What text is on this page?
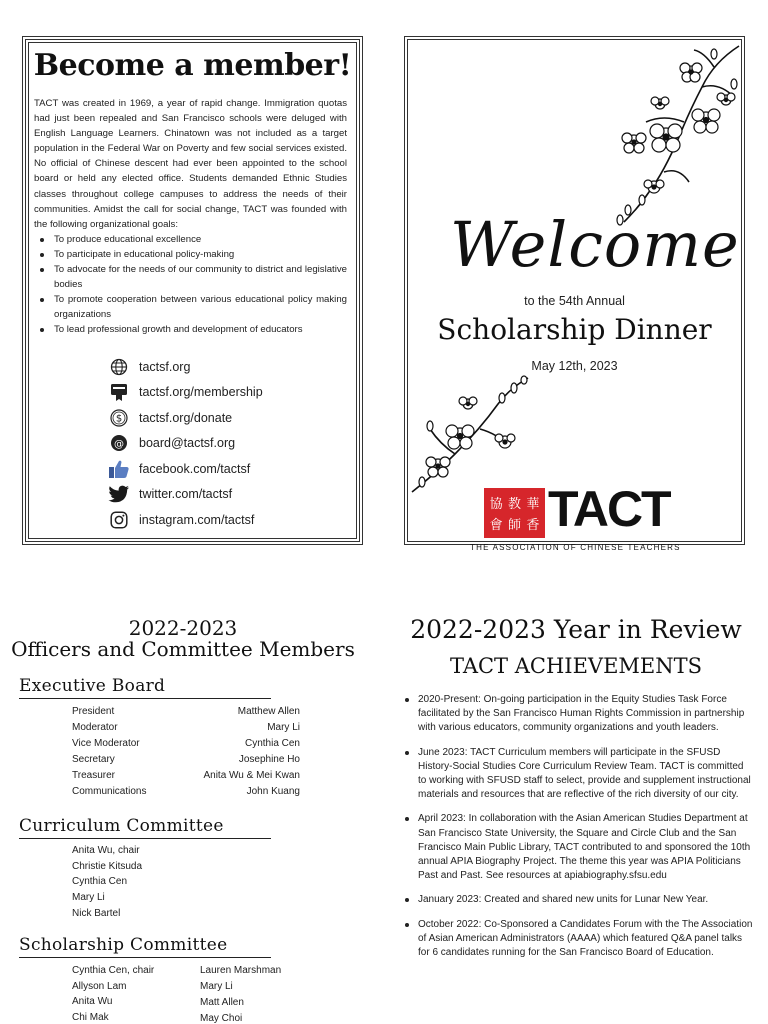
Become a member!

TACT was created in 1969, a year of rapid change. Immigration quotas had just been repealed and San Francisco schools were deluged with English Language Learners. Chinatown was not included as a target population in the Federal War on Poverty and few social services existed. No official of Chinese descent had ever been appointed to the school board or held any elected office. Students demanded Ethnic Studies classes throughout college campuses to address the needs of their communities. Amidst the call for social change, TACT was founded with the following organizational goals:

To produce educational excellence
To participate in educational policy-making
To advocate for the needs of our community to district and legislative bodies
To promote cooperation between various educational policy making organizations
To lead professional growth and development of educators
tactsf.org
tactsf.org/membership
$ tactsf.org/donate
@ board@tactsf.org
facebook.com/tactsf
twitter.com/tactsf
instagram.com/tactsf
Welcome
to the 54th Annual
Scholarship Dinner
May 12th, 2023
協 教 華
會 師 香 TACT
THE ASSOCIATION OF CHINESE TEACHERS
2022-2023
Officers and Committee Members
Executive Board
President	Matthew Allen
Moderator	Mary Li
Vice Moderator	Cynthia Cen
Secretary	Josephine Ho
Treasurer	Anita Wu & Mei Kwan
Communications	John Kuang
Curriculum Committee
Anita Wu, chair
Christie Kitsuda
Cynthia Cen
Mary Li
Nick Bartel
Scholarship Committee
Cynthia Cen, chair
Allyson Lam
Anita Wu
Chi Mak
Lauren Marshman
Mary Li
Matt Allen
May Choi
2022-2023 Year in Review
TACT ACHIEVEMENTS
2020-Present: On-going participation in the Equity Studies Task Force facilitated by the San Francisco Human Rights Commission in partnership with various educators, community organizations and youth leaders.
June 2023: TACT Curriculum members will participate in the SFUSD History-Social Studies Core Curriculum Review Team. TACT is committed to working with SFUSD staff to select, provide and supplement instructional materials and resources that are reflective of the rich diversity of our city.
April 2023: In collaboration with the Asian American Studies Department at San Francisco State University, the Square and Circle Club and the San Francisco Main Public Library, TACT contributed to and sponsored the 10th annual APIA Biography Project. The theme this year was APIA Politicians Past and Past. See resources at apiabiography.sfsu.edu
January 2023: Created and shared new units for Lunar New Year.
October 2022: Co-Sponsored a Candidates Forum with the The Association of Asian American Administrators (AAAA) which featured Q&A panel talks for 6 candidates running for the San Francisco Board of Education.
